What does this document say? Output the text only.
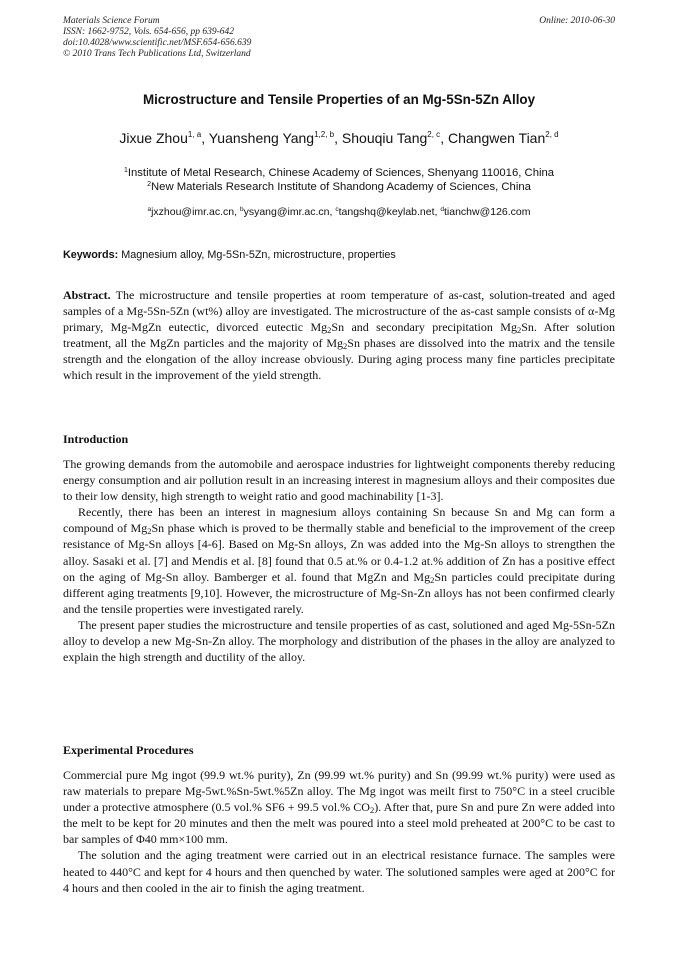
Materials Science Forum
ISSN: 1662-9752, Vols. 654-656, pp 639-642
doi:10.4028/www.scientific.net/MSF.654-656.639
© 2010 Trans Tech Publications Ltd, Switzerland
Online: 2010-06-30
Microstructure and Tensile Properties of an Mg-5Sn-5Zn Alloy
Jixue Zhou$^{1, a}$, Yuansheng Yang$^{1,2, b}$, Shouqiu Tang$^{2, c}$, Changwen Tian$^{2, d}$
$^1$Institute of Metal Research, Chinese Academy of Sciences, Shenyang 110016, China
$^2$New Materials Research Institute of Shandong Academy of Sciences, China
$^a$jxzhou@imr.ac.cn, $^b$ysyang@imr.ac.cn, $^c$tangshq@keylab.net, $^d$tianchw@126.com
Keywords: Magnesium alloy, Mg-5Sn-5Zn, microstructure, properties

Abstract. The microstructure and tensile properties at room temperature of as-cast, solution-treated and aged samples of a Mg-5Sn-5Zn (wt%) alloy are investigated. The microstructure of the as-cast sample consists of α-Mg primary, Mg-MgZn eutectic, divorced eutectic $Mg_2Sn$ and secondary precipitation $Mg_2Sn$. After solution treatment, all the MgZn particles and the majority of $Mg_2Sn$ phases are dissolved into the matrix and the tensile strength and the elongation of the alloy increase obviously. During aging process many fine particles precipitate which result in the improvement of the yield strength.

Introduction

The growing demands from the automobile and aerospace industries for lightweight components thereby reducing energy consumption and air pollution result in an increasing interest in magnesium alloys and their composites due to their low density, high strength to weight ratio and good machinability [1-3].

Recently, there has been an interest in magnesium alloys containing Sn because Sn and Mg can form a compound of $Mg_2Sn$ phase which is proved to be thermally stable and beneficial to the improvement of the creep resistance of Mg-Sn alloys [4-6]. Based on Mg-Sn alloys, Zn was added into the Mg-Sn alloys to strengthen the alloy. Sasaki et al. [7] and Mendis et al. [8] found that 0.5 at.% or 0.4-1.2 at.% addition of Zn has a positive effect on the aging of Mg-Sn alloy. Bamberger et al. found that MgZn and $Mg_2Sn$ particles could precipitate during different aging treatments [9,10]. However, the microstructure of Mg-Sn-Zn alloys has not been confirmed clearly and the tensile properties were investigated rarely.

The present paper studies the microstructure and tensile properties of as cast, solutioned and aged Mg-5Sn-5Zn alloy to develop a new Mg-Sn-Zn alloy. The morphology and distribution of the phases in the alloy are analyzed to explain the high strength and ductility of the alloy.

Experimental Procedures

Commercial pure Mg ingot (99.9 wt.% purity), Zn (99.99 wt.% purity) and Sn (99.99 wt.% purity) were used as raw materials to prepare Mg-5wt.%Sn-5wt.%5Zn alloy. The Mg ingot was meilt first to 750°C in a steel crucible under a protective atmosphere (0.5 vol.% SF6 + 99.5 vol.% $CO_2$). After that, pure Sn and pure Zn were added into the melt to be kept for 20 minutes and then the melt was poured into a steel mold preheated at 200°C to be cast to bar samples of Φ40 mm×100 mm.

The solution and the aging treatment were carried out in an electrical resistance furnace. The samples were heated to 440°C and kept for 4 hours and then quenched by water. The solutioned samples were aged at 200°C for 4 hours and then cooled in the air to finish the aging treatment.
